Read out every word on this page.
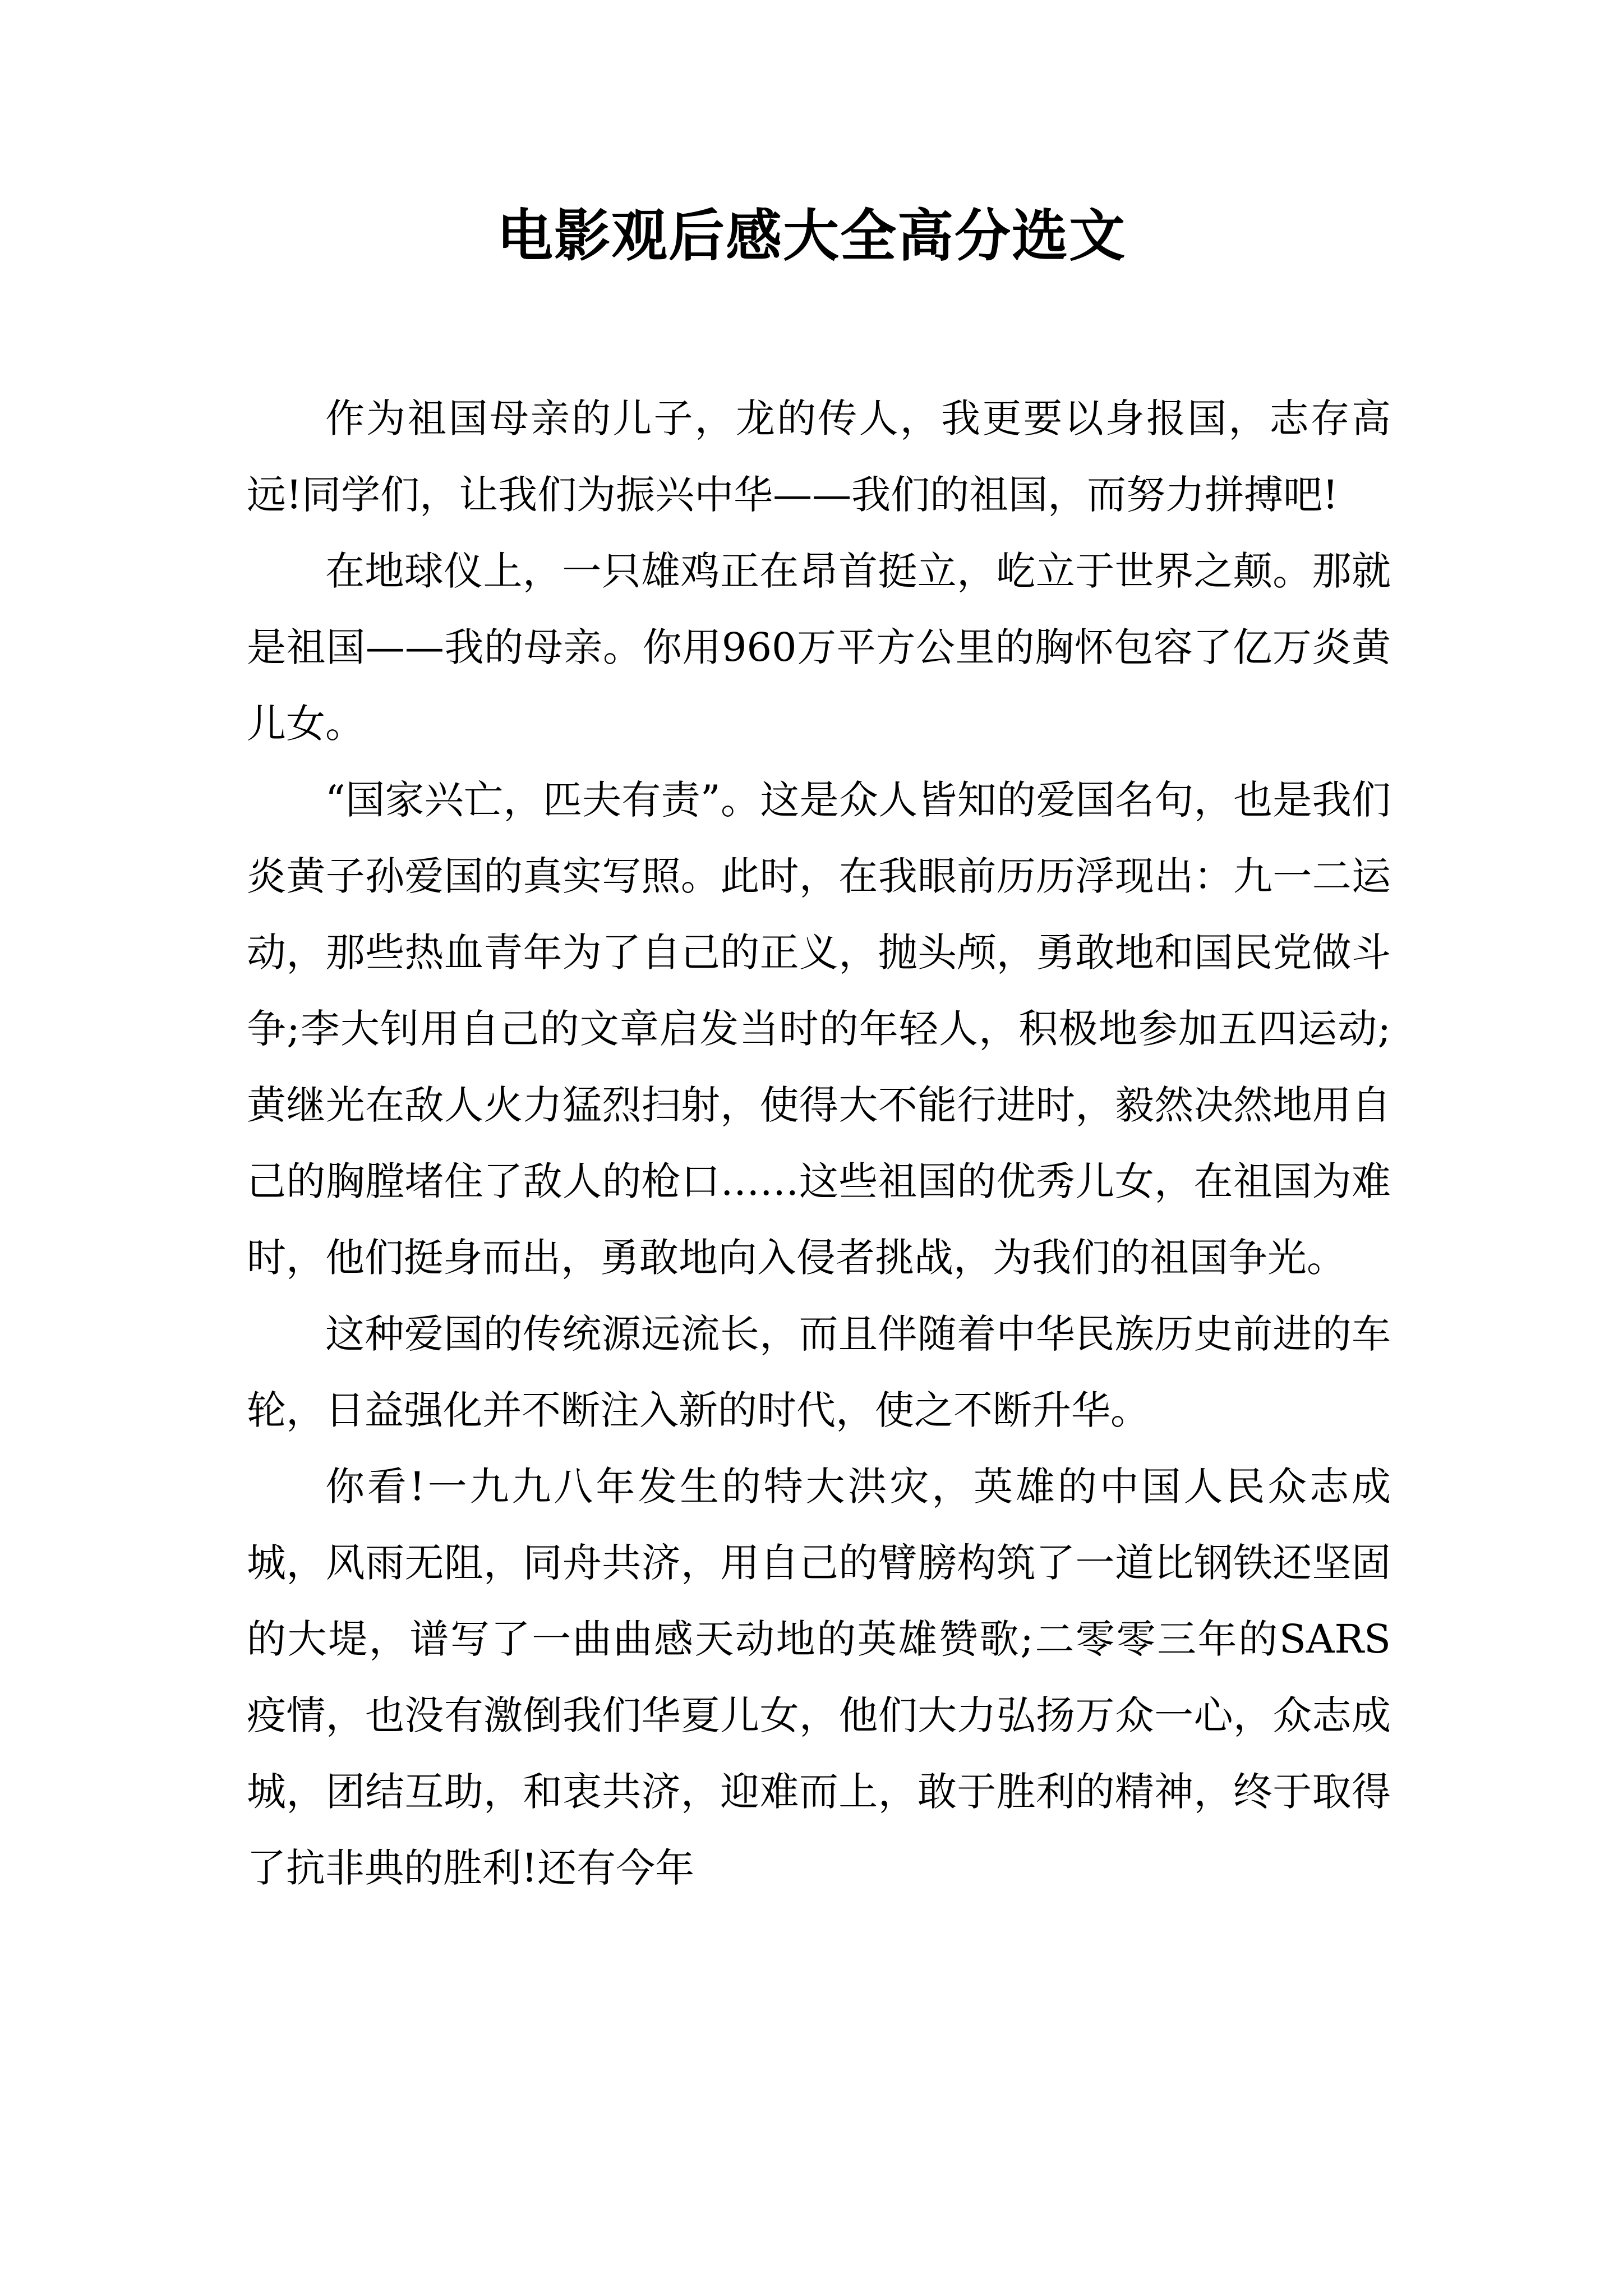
电影观后感大全高分选文

作为祖国母亲的儿子，龙的传人，我更要以身报国，志存高远!同学们，让我们为振兴中华——我们的祖国，而努力拼搏吧!

在地球仪上，一只雄鸡正在昂首挺立，屹立于世界之颠。那就是祖国——我的母亲。你用960万平方公里的胸怀包容了亿万炎黄儿女。

“国家兴亡，匹夫有责”。这是众人皆知的爱国名句，也是我们炎黄子孙爱国的真实写照。此时，在我眼前历历浮现出：九一二运动，那些热血青年为了自己的正义，抛头颅，勇敢地和国民党做斗争;李大钊用自己的文章启发当时的年轻人，积极地参加五四运动;黄继光在敌人火力猛烈扫射，使得大不能行进时，毅然决然地用自己的胸膛堵住了敌人的枪口……这些祖国的优秀儿女，在祖国为难时，他们挺身而出，勇敢地向入侵者挑战，为我们的祖国争光。

这种爱国的传统源远流长，而且伴随着中华民族历史前进的车轮，日益强化并不断注入新的时代，使之不断升华。

你看!一九九八年发生的特大洪灾，英雄的中国人民众志成城，风雨无阻，同舟共济，用自己的臂膀构筑了一道比钢铁还坚固的大堤，谱写了一曲曲感天动地的英雄赞歌;二零零三年的SARS疫情，也没有激倒我们华夏儿女，他们大力弘扬万众一心，众志成城，团结互助，和衷共济，迎难而上，敢于胜利的精神，终于取得了抗非典的胜利!还有今年
